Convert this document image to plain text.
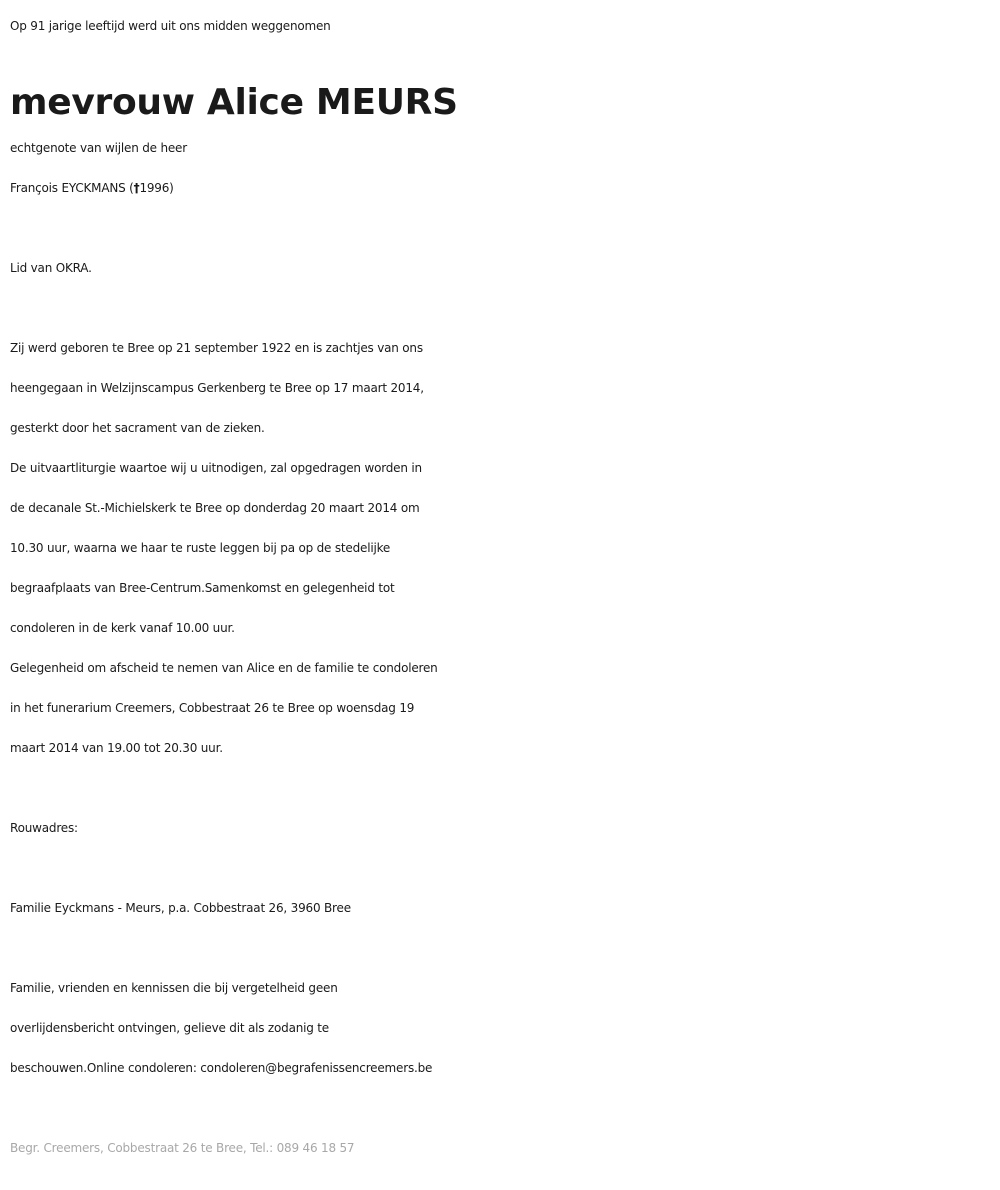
Op 91 jarige leeftijd werd uit ons midden weggenomen
mevrouw Alice MEURS
echtgenote van wijlen de heer
François EYCKMANS (†1996)
Lid van OKRA.
Zij werd geboren te Bree op 21 september 1922 en is zachtjes van ons
heengegaan in Welzijnscampus Gerkenberg te Bree op 17 maart 2014,
gesterkt door het sacrament van de zieken.
De uitvaartliturgie waartoe wij u uitnodigen, zal opgedragen worden in
de decanale St.-Michielskerk te Bree op donderdag 20 maart 2014 om
10.30 uur, waarna we haar te ruste leggen bij pa op de stedelijke
begraafplaats van Bree-Centrum.Samenkomst en gelegenheid tot
condoleren in de kerk vanaf 10.00 uur.
Gelegenheid om afscheid te nemen van Alice en de familie te condoleren
in het funerarium Creemers, Cobbestraat 26 te Bree op woensdag 19
maart 2014 van 19.00 tot 20.30 uur.
Rouwadres:
Familie Eyckmans - Meurs, p.a. Cobbestraat 26, 3960 Bree
Familie, vrienden en kennissen die bij vergetelheid geen
overlijdensbericht ontvingen, gelieve dit als zodanig te
beschouwen.Online condoleren: condoleren@begrafenissencreemers.be
Begr. Creemers, Cobbestraat 26 te Bree, Tel.: 089 46 18 57
